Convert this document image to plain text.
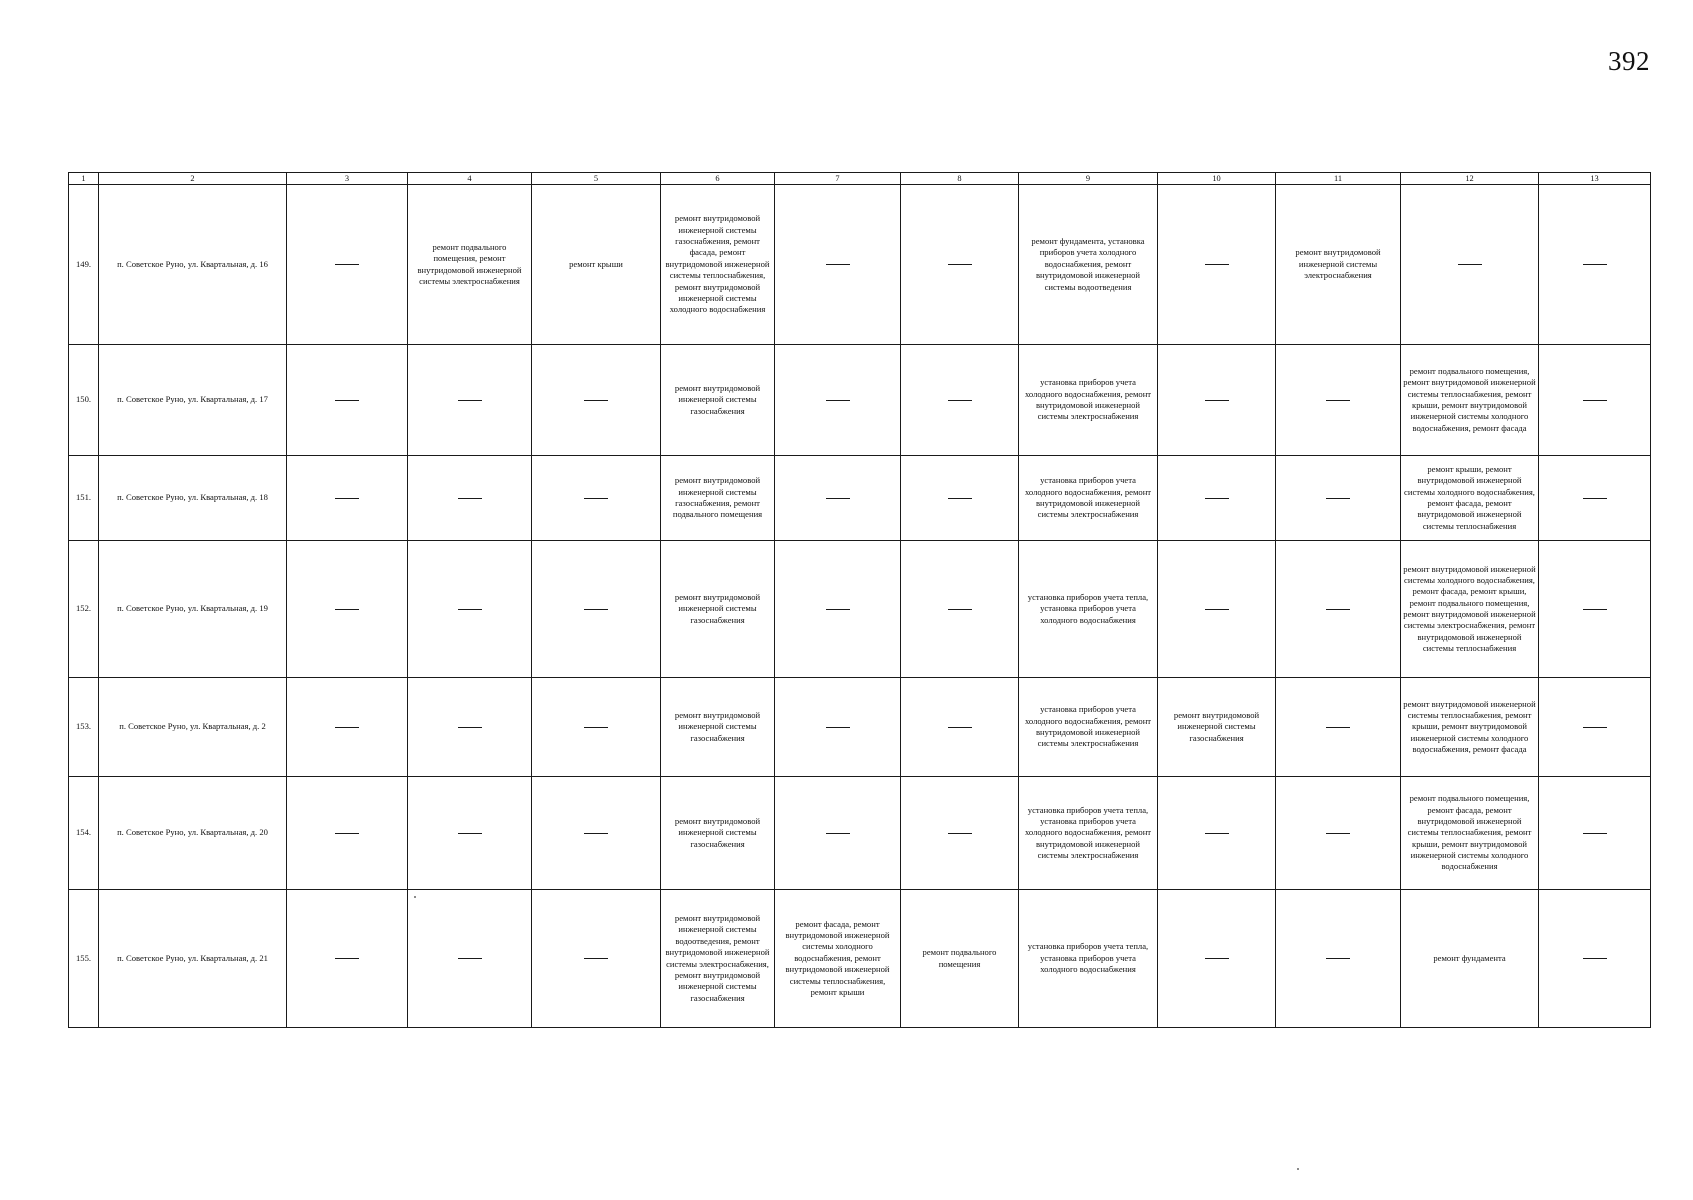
392
1	2	3	4	5	6	7	8	9	10	11	12	13
149.	п. Советское Руно, ул. Квартальная, д. 16		ремонт подвального помещения, ремонт внутридомовой инженерной системы электроснабжения	ремонт крыши	ремонт внутридомовой инженерной системы газоснабжения, ремонт фасада, ремонт внутридомовой инженерной системы теплоснабжения, ремонт внутридомовой инженерной системы холодного водоснабжения			ремонт фундамента, установка приборов учета холодного водоснабжения, ремонт внутридомовой инженерной системы водоотведения		ремонт внутридомовой инженерной системы электроснабжения		
150.	п. Советское Руно, ул. Квартальная, д. 17				ремонт внутридомовой инженерной системы газоснабжения			установка приборов учета холодного водоснабжения, ремонт внутридомовой инженерной системы электроснабжения			ремонт подвального помещения, ремонт внутридомовой инженерной системы теплоснабжения, ремонт крыши, ремонт внутридомовой инженерной системы холодного водоснабжения, ремонт фасада	
151.	п. Советское Руно, ул. Квартальная, д. 18				ремонт внутридомовой инженерной системы газоснабжения, ремонт подвального помещения			установка приборов учета холодного водоснабжения, ремонт внутридомовой инженерной системы электроснабжения			ремонт крыши, ремонт внутридомовой инженерной системы холодного водоснабжения, ремонт фасада, ремонт внутридомовой инженерной системы теплоснабжения	
152.	п. Советское Руно, ул. Квартальная, д. 19				ремонт внутридомовой инженерной системы газоснабжения			установка приборов учета тепла, установка приборов учета холодного водоснабжения			ремонт внутридомовой инженерной системы холодного водоснабжения, ремонт фасада, ремонт крыши, ремонт подвального помещения, ремонт внутридомовой инженерной системы электроснабжения, ремонт внутридомовой инженерной системы теплоснабжения	
153.	п. Советское Руно, ул. Квартальная, д. 2				ремонт внутридомовой инженерной системы газоснабжения			установка приборов учета холодного водоснабжения, ремонт внутридомовой инженерной системы электроснабжения	ремонт внутридомовой инженерной системы газоснабжения		ремонт внутридомовой инженерной системы теплоснабжения, ремонт крыши, ремонт внутридомовой инженерной системы холодного водоснабжения, ремонт фасада	
154.	п. Советское Руно, ул. Квартальная, д. 20				ремонт внутридомовой инженерной системы газоснабжения			установка приборов учета тепла, установка приборов учета холодного водоснабжения, ремонт внутридомовой инженерной системы электроснабжения			ремонт подвального помещения, ремонт фасада, ремонт внутридомовой инженерной системы теплоснабжения, ремонт крыши, ремонт внутридомовой инженерной системы холодного водоснабжения	
155.	п. Советское Руно, ул. Квартальная, д. 21				ремонт внутридомовой инженерной системы водоотведения, ремонт внутридомовой инженерной системы электроснабжения, ремонт внутридомовой инженерной системы газоснабжения	ремонт фасада, ремонт внутридомовой инженерной системы холодного водоснабжения, ремонт внутридомовой инженерной системы теплоснабжения, ремонт крыши	ремонт подвального помещения	установка приборов учета тепла, установка приборов учета холодного водоснабжения			ремонт фундамента	
